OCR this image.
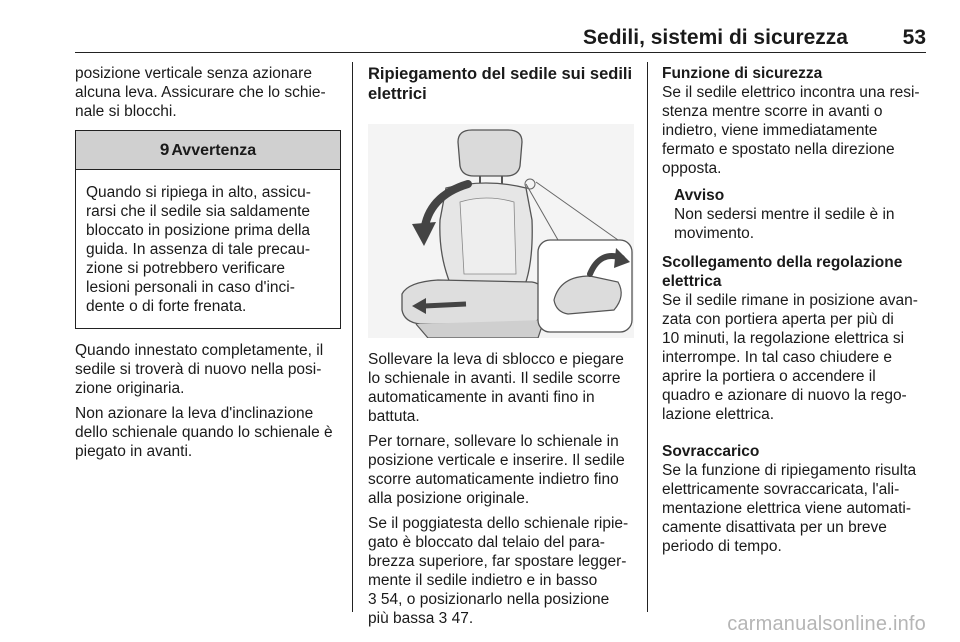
Sedili, sistemi di sicurezza	53

posizione verticale senza azionare
alcuna leva. Assicurare che lo schie-
nale si blocchi.

9 Avvertenza
Quando si ripiega in alto, assicu-
rarsi che il sedile sia saldamente
bloccato in posizione prima della
guida. In assenza di tale precau-
zione si potrebbero verificare
lesioni personali in caso d'inci-
dente o di forte frenata.

Quando innestato completamente, il
sedile si troverà di nuovo nella posi-
zione originaria.

Non azionare la leva d'inclinazione
dello schienale quando lo schienale è
piegato in avanti.

Ripiegamento del sedile sui sedili
elettrici

Sollevare la leva di sblocco e piegare
lo schienale in avanti. Il sedile scorre
automaticamente in avanti fino in
battuta.

Per tornare, sollevare lo schienale in
posizione verticale e inserire. Il sedile
scorre automaticamente indietro fino
alla posizione originale.

Se il poggiatesta dello schienale ripie-
gato è bloccato dal telaio del para-
brezza superiore, far spostare legger-
mente il sedile indietro e in basso
3 54, o posizionarlo nella posizione
più bassa 3 47.

Funzione di sicurezza

Se il sedile elettrico incontra una resi-
stenza mentre scorre in avanti o
indietro, viene immediatamente
fermato e spostato nella direzione
opposta.

Avviso
Non sedersi mentre il sedile è in
movimento.
Scollegamento della regolazione
elettrica

Se il sedile rimane in posizione avan-
zata con portiera aperta per più di
10 minuti, la regolazione elettrica si
interrompe. In tal caso chiudere e
aprire la portiera o accendere il
quadro e azionare di nuovo la rego-
lazione elettrica.

Sovraccarico

Se la funzione di ripiegamento risulta
elettricamente sovraccaricata, l'ali-
mentazione elettrica viene automati-
camente disattivata per un breve
periodo di tempo.

carmanualsonline.info
